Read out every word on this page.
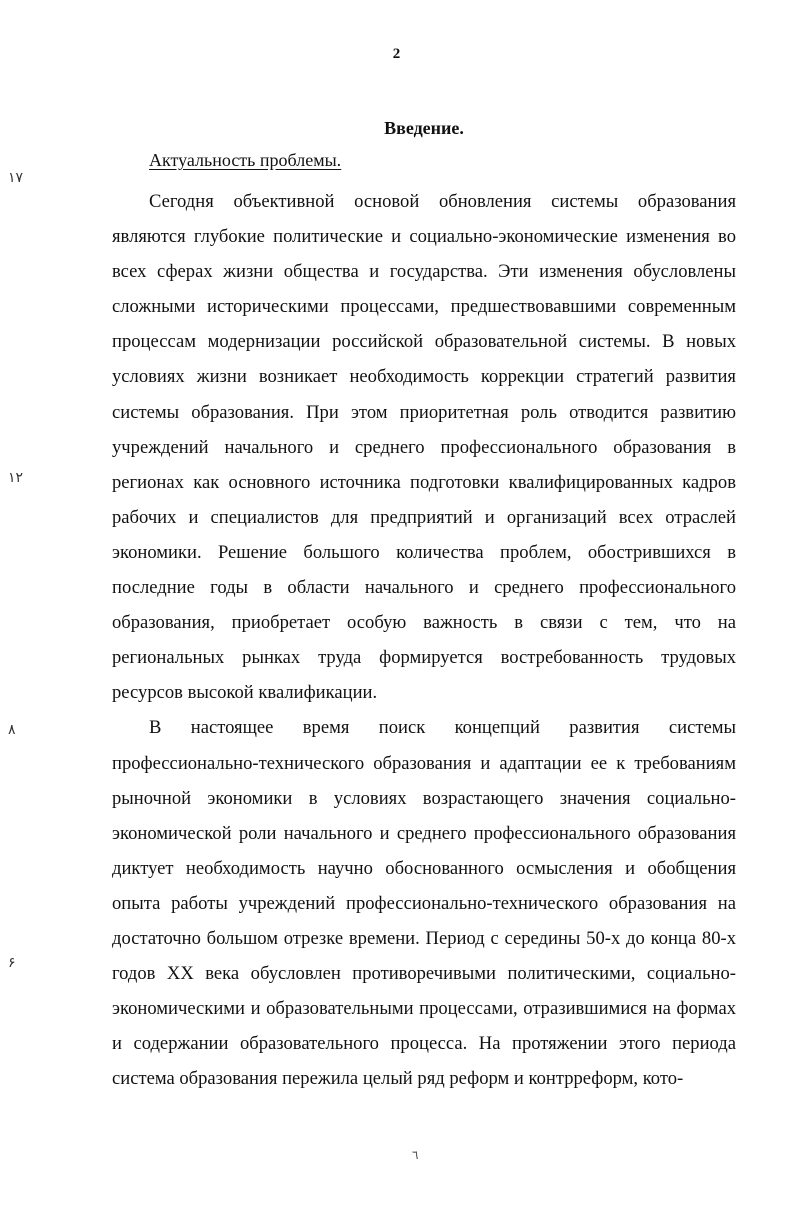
2
Введение.
Актуальность проблемы.

Сегодня объективной основой обновления системы образования являются глубокие политические и социально-экономические изменения во всех сферах жизни общества и государства. Эти изменения обусловлены сложными историческими процессами, предшествовавшими современным процессам модернизации российской образовательной системы. В новых условиях жизни возникает необходимость коррекции стратегий развития системы образования. При этом приоритетная роль отводится развитию учреждений начального и среднего профессионального образования в регионах как основного источника подготовки квалифицированных кадров рабочих и специалистов для предприятий и организаций всех отраслей экономики. Решение большого количества проблем, обострившихся в последние годы в области начального и среднего профессионального образования, приобретает особую важность в связи с тем, что на региональных рынках труда формируется востребованность трудовых ресурсов высокой квалификации.

В настоящее время поиск концепций развития системы профессионально-технического образования и адаптации ее к требованиям рыночной экономики в условиях возрастающего значения социально-экономической роли начального и среднего профессионального образования диктует необходимость научно обоснованного осмысления и обобщения опыта работы учреждений профессионально-технического образования на достаточно большом отрезке времени. Период с середины 50-х до конца 80-х годов XX века обусловлен противоречивыми политическими, социально-экономическими и образовательными процессами, отразившимися на формах и содержании образовательного процесса. На протяжении этого периода система образования пережила целый ряд реформ и контрреформ, кото-

۱۷
۱۲
۸
۶
٦
